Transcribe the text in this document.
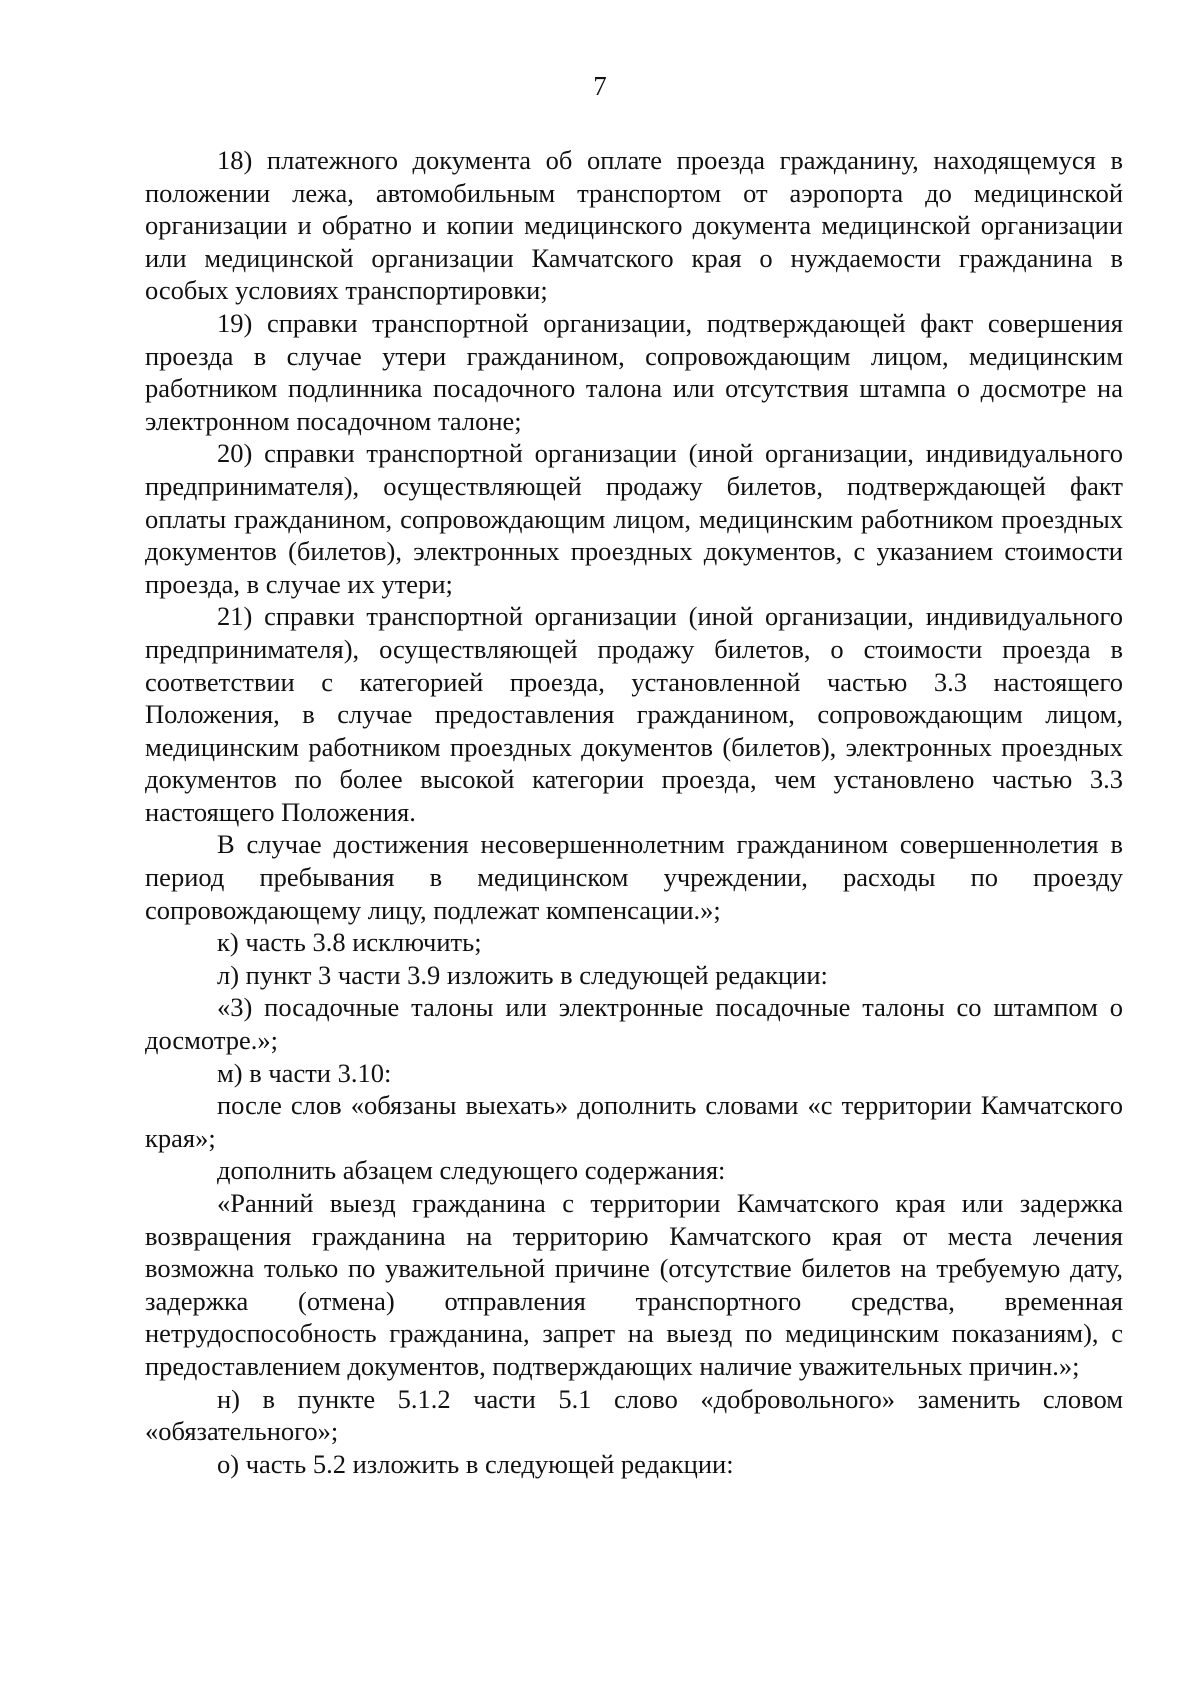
7

18) платежного документа об оплате проезда гражданину, находящемуся в положении лежа, автомобильным транспортом от аэропорта до медицинской организации и обратно и копии медицинского документа медицинской организации или медицинской организации Камчатского края о нуждаемости гражданина в особых условиях транспортировки;

19) справки транспортной организации, подтверждающей факт совершения проезда в случае утери гражданином, сопровождающим лицом, медицинским работником подлинника посадочного талона или отсутствия штампа о досмотре на электронном посадочном талоне;

20) справки транспортной организации (иной организации, индивидуального предпринимателя), осуществляющей продажу билетов, подтверждающей факт оплаты гражданином, сопровождающим лицом, медицинским работником проездных документов (билетов), электронных проездных документов, с указанием стоимости проезда, в случае их утери;

21) справки транспортной организации (иной организации, индивидуального предпринимателя), осуществляющей продажу билетов, о стоимости проезда в соответствии с категорией проезда, установленной частью 3.3 настоящего Положения, в случае предоставления гражданином, сопровождающим лицом, медицинским работником проездных документов (билетов), электронных проездных документов по более высокой категории проезда, чем установлено частью 3.3 настоящего Положения.

В случае достижения несовершеннолетним гражданином совершеннолетия в период пребывания в медицинском учреждении, расходы по проезду сопровождающему лицу, подлежат компенсации.»;

к) часть 3.8 исключить;

л) пункт 3 части 3.9 изложить в следующей редакции:

«3) посадочные талоны или электронные посадочные талоны со штампом о досмотре.»;

м) в части 3.10:

после слов «обязаны выехать» дополнить словами «с территории Камчатского края»;

дополнить абзацем следующего содержания:

«Ранний выезд гражданина с территории Камчатского края или задержка возвращения гражданина на территорию Камчатского края от места лечения возможна только по уважительной причине (отсутствие билетов на требуемую дату, задержка (отмена) отправления транспортного средства, временная нетрудоспособность гражданина, запрет на выезд по медицинским показаниям), с предоставлением документов, подтверждающих наличие уважительных причин.»;

н) в пункте 5.1.2 части 5.1 слово «добровольного» заменить словом «обязательного»;

о) часть 5.2 изложить в следующей редакции:
